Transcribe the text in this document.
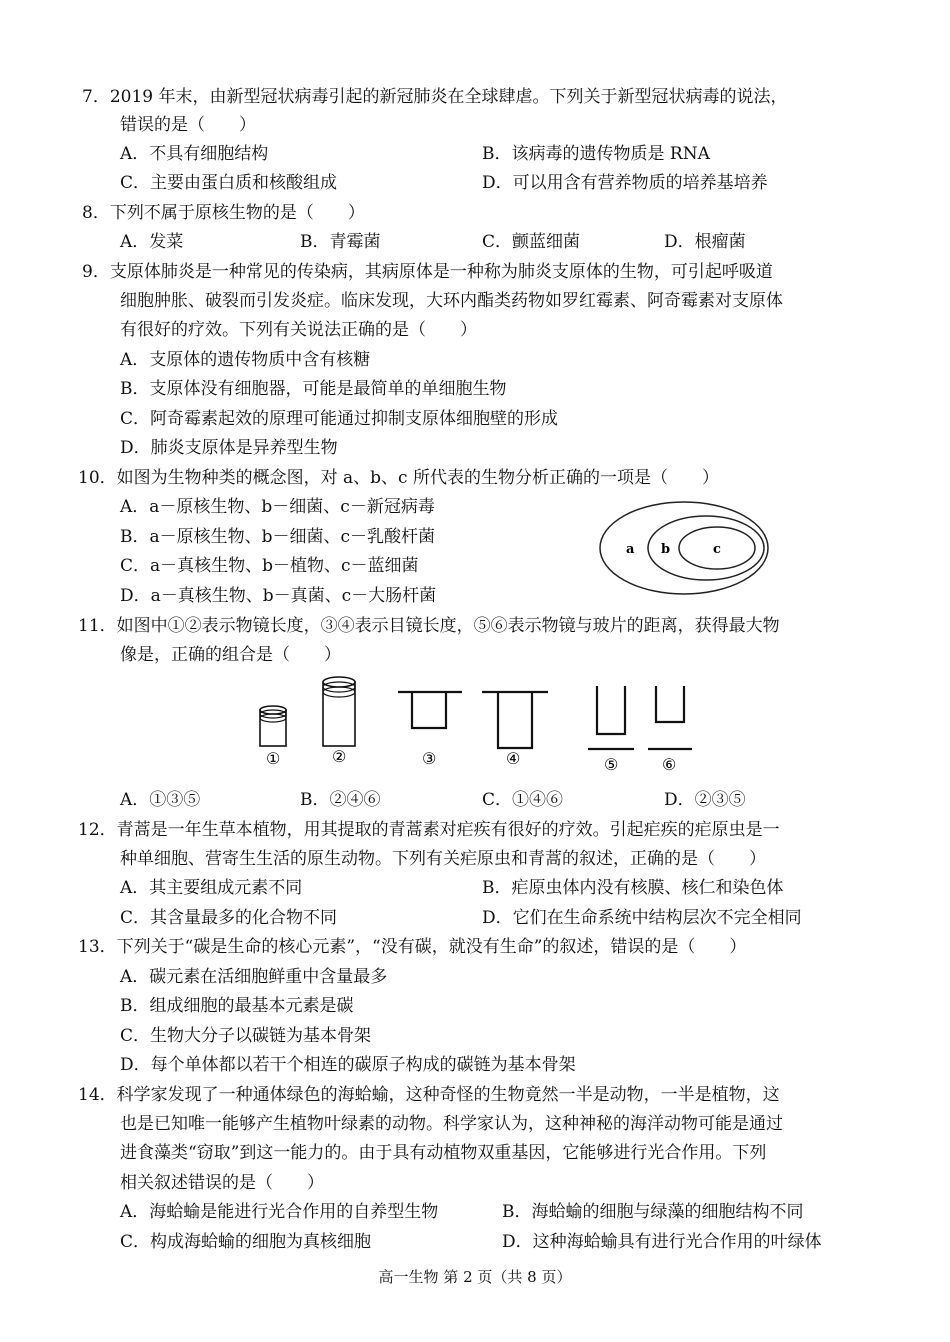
7．2019 年末，由新型冠状病毒引起的新冠肺炎在全球肆虐。下列关于新型冠状病毒的说法，
错误的是（　　）
A．不具有细胞结构	B．该病毒的遗传物质是 RNA
C．主要由蛋白质和核酸组成	D．可以用含有营养物质的培养基培养
8．下列不属于原核生物的是（　　）
A．发菜	B．青霉菌	C．颤蓝细菌	D．根瘤菌
9．支原体肺炎是一种常见的传染病，其病原体是一种称为肺炎支原体的生物，可引起呼吸道
细胞肿胀、破裂而引发炎症。临床发现，大环内酯类药物如罗红霉素、阿奇霉素对支原体
有很好的疗效。下列有关说法正确的是（　　）
A．支原体的遗传物质中含有核糖
B．支原体没有细胞器，可能是最简单的单细胞生物
C．阿奇霉素起效的原理可能通过抑制支原体细胞壁的形成
D．肺炎支原体是异养型生物
10．如图为生物种类的概念图，对 a、b、c 所代表的生物分析正确的一项是（　　）
A．a－原核生物、b－细菌、c－新冠病毒
B．a－原核生物、b－细菌、c－乳酸杆菌
C．a－真核生物、b－植物、c－蓝细菌
D．a－真核生物、b－真菌、c－大肠杆菌
a b	c
11．如图中①②表示物镜长度，③④表示目镜长度，⑤⑥表示物镜与玻片的距离，获得最大物
像是，正确的组合是（　　）
①	②	③	④	⑤	⑥
A．①③⑤	B．②④⑥	C．①④⑥	D．②③⑤
12．青蒿是一年生草本植物，用其提取的青蒿素对疟疾有很好的疗效。引起疟疾的疟原虫是一
种单细胞、营寄生生活的原生动物。下列有关疟原虫和青蒿的叙述，正确的是（　　）
A．其主要组成元素不同	B．疟原虫体内没有核膜、核仁和染色体
C．其含量最多的化合物不同	D．它们在生命系统中结构层次不完全相同
13．下列关于“碳是生命的核心元素”，“没有碳，就没有生命”的叙述，错误的是（　　）
A．碳元素在活细胞鲜重中含量最多
B．组成细胞的最基本元素是碳
C．生物大分子以碳链为基本骨架
D．每个单体都以若干个相连的碳原子构成的碳链为基本骨架
14．科学家发现了一种通体绿色的海蛤蝓，这种奇怪的生物竟然一半是动物，一半是植物，这
也是已知唯一能够产生植物叶绿素的动物。科学家认为，这种神秘的海洋动物可能是通过
进食藻类“窃取”到这一能力的。由于具有动植物双重基因，它能够进行光合作用。下列
相关叙述错误的是（　　）
A．海蛤蝓是能进行光合作用的自养型生物	B．海蛤蝓的细胞与绿藻的细胞结构不同
C．构成海蛤蝓的细胞为真核细胞	D．这种海蛤蝓具有进行光合作用的叶绿体
高一生物 第 2 页（共 8 页）
